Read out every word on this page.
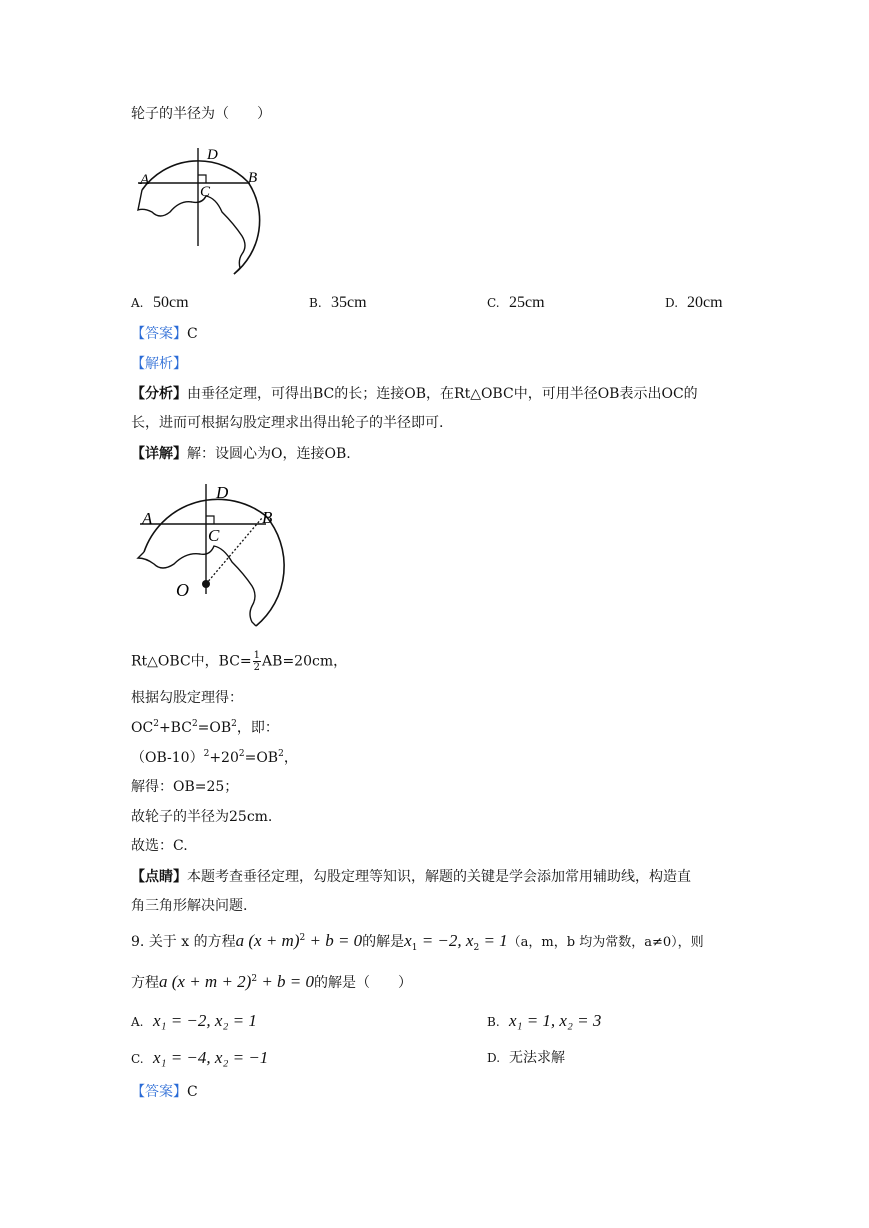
轮子的半径为（　　）
A	B
C
D
A. 50cm	B. 35cm	C. 25cm	D. 20cm
【答案】C
【解析】
【分析】由垂径定理，可得出BC的长；连接OB，在Rt△OBC中，可用半径OB表示出OC的
长，进而可根据勾股定理求出得出轮子的半径即可.
【详解】解：设圆心为O，连接OB.
A	B
C
D
O
Rt△OBC中，$BC= \frac{1}{2} AB=20cm$，
根据勾股定理得：
$OC^2+BC^2=OB^2$，即：
$(OB-10)^2+20^2=OB^2$，
解得：OB=25；
故轮子的半径为25cm.
故选：C.
【点睛】本题考查垂径定理，勾股定理等知识，解题的关键是学会添加常用辅助线，构造直
角三角形解决问题.
9. 关于 x 的方程a $(x + m)^2 + b = 0$的解是$x_1 = -2$, $x_2 = 1(a$，m，b 均为常数，a≠0），则
方程a $(x + m + 2)^2 + b = 0$的解是（　　）
A. x₁ = −2, x₂ = 1	B. x₁ = 1, x₂ = 3
C. x₁ = −4, x₂ = −1	D. 无法求解
【答案】C
